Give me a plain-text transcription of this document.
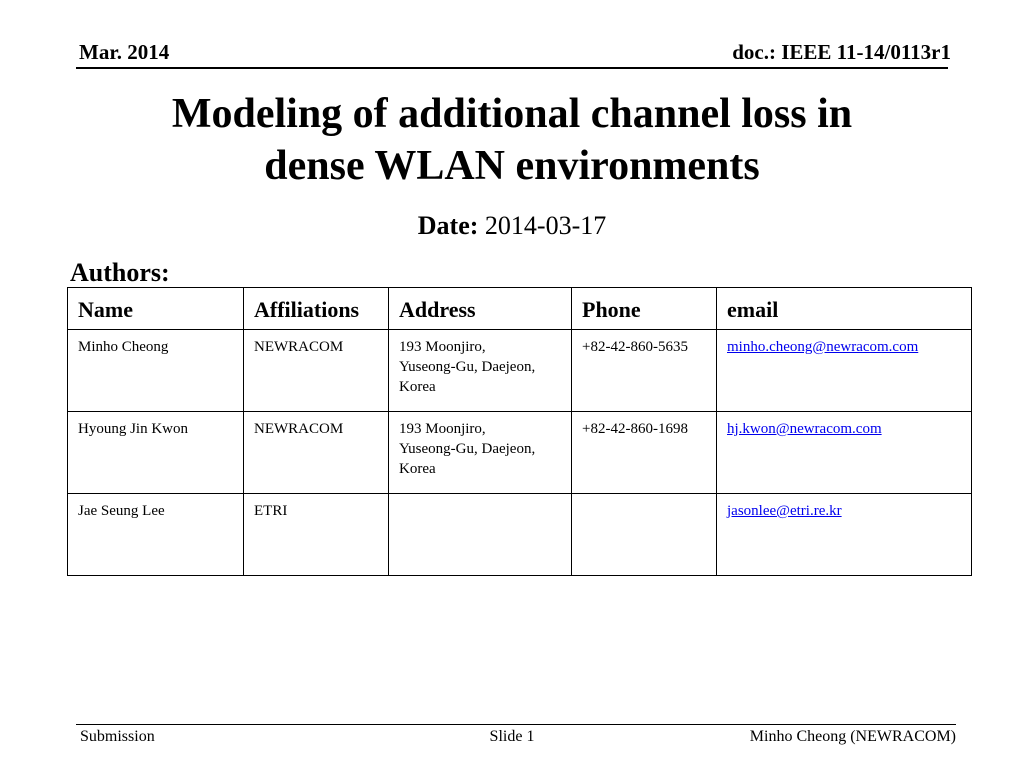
Mar. 2014	doc.: IEEE 11-14/0113r1
Modeling of additional channel loss in
dense WLAN environments
Date: 2014-03-17
Authors:
Name	Affiliations	Address	Phone	email
Minho Cheong	NEWRACOM	193 Moonjiro,
Yuseong-Gu, Daejeon,
Korea	+82-42-860-5635	minho.cheong@newracom.com
Hyoung Jin Kwon	NEWRACOM	193 Moonjiro,
Yuseong-Gu, Daejeon,
Korea	+82-42-860-1698	hj.kwon@newracom.com
Jae Seung Lee	ETRI			jasonlee@etri.re.kr
Submission	Slide 1	Minho Cheong (NEWRACOM)
